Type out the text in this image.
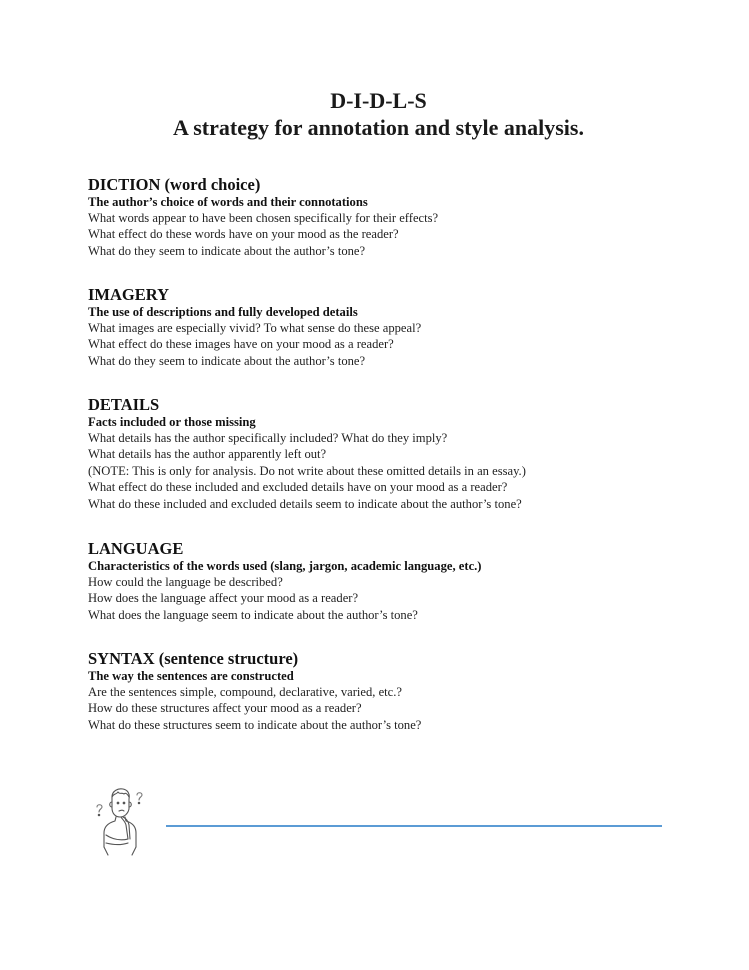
D-I-D-L-S
A strategy for annotation and style analysis.
DICTION (word choice)

The author’s choice of words and their connotations

What words appear to have been chosen specifically for their effects?

What effect do these words have on your mood as the reader?

What do they seem to indicate about the author’s tone?

IMAGERY

The use of descriptions and fully developed details

What images are especially vivid? To what sense do these appeal?

What effect do these images have on your mood as a reader?

What do they seem to indicate about the author’s tone?

DETAILS

Facts included or those missing

What details has the author specifically included? What do they imply?

What details has the author apparently left out?

(NOTE: This is only for analysis. Do not write about these omitted details in an essay.)

What effect do these included and excluded details have on your mood as a reader?

What do these included and excluded details seem to indicate about the author’s tone?

LANGUAGE

Characteristics of the words used (slang, jargon, academic language, etc.)

How could the language be described?

How does the language affect your mood as a reader?

What does the language seem to indicate about the author’s tone?

SYNTAX (sentence structure)

The way the sentences are constructed

Are the sentences simple, compound, declarative, varied, etc.?

How do these structures affect your mood as a reader?

What do these structures seem to indicate about the author’s tone?
